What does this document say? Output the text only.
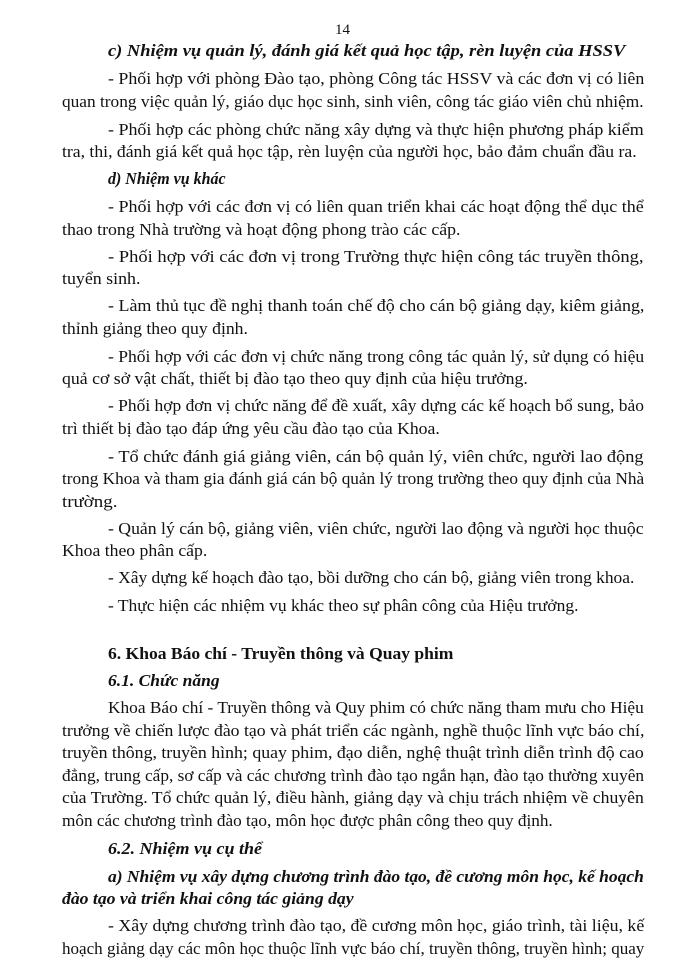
14
c) Nhiệm vụ quản lý, đánh giá kết quả học tập, rèn luyện của HSSV
- Phối hợp với phòng Đào tạo, phòng Công tác HSSV và các đơn vị có liên
quan trong việc quản lý, giáo dục học sinh, sinh viên, công tác giáo viên chủ nhiệm.
- Phối hợp các phòng chức năng xây dựng và thực hiện phương pháp kiểm
tra, thi, đánh giá kết quả học tập, rèn luyện của người học, bảo đảm chuẩn đầu ra.
d) Nhiệm vụ khác
- Phối hợp với các đơn vị có liên quan triển khai các hoạt động thể dục thể
thao trong Nhà trường và hoạt động phong trào các cấp.
- Phối hợp với các đơn vị trong Trường thực hiện công tác truyền thông,
tuyển sinh.
- Làm thủ tục đề nghị thanh toán chế độ cho cán bộ giảng dạy, kiêm giảng,
thỉnh giảng theo quy định.
- Phối hợp với các đơn vị chức năng trong công tác quản lý, sử dụng có hiệu
quả cơ sở vật chất, thiết bị đào tạo theo quy định của hiệu trưởng.
- Phối hợp đơn vị chức năng để đề xuất, xây dựng các kế hoạch bổ sung, bảo
trì thiết bị đào tạo đáp ứng yêu cầu đào tạo của Khoa.
- Tổ chức đánh giá giảng viên, cán bộ quản lý, viên chức, người lao động
trong Khoa và tham gia đánh giá cán bộ quản lý trong trường theo quy định của Nhà
trường.
- Quản lý cán bộ, giảng viên, viên chức, người lao động và người học thuộc
Khoa theo phân cấp.
- Xây dựng kế hoạch đào tạo, bồi dưỡng cho cán bộ, giảng viên trong khoa.
- Thực hiện các nhiệm vụ khác theo sự phân công của Hiệu trưởng.
6. Khoa Báo chí - Truyền thông và Quay phim
6.1. Chức năng
Khoa Báo chí - Truyền thông và Quy phim có chức năng tham mưu cho Hiệu
trưởng về chiến lược đào tạo và phát triển các ngành, nghề thuộc lĩnh vực báo chí,
truyền thông, truyền hình; quay phim, đạo diễn, nghệ thuật trình diễn trình độ cao
đẳng, trung cấp, sơ cấp và các chương trình đào tạo ngắn hạn, đào tạo thường xuyên
của Trường. Tổ chức quản lý, điều hành, giảng dạy và chịu trách nhiệm về chuyên
môn các chương trình đào tạo, môn học được phân công theo quy định.
6.2. Nhiệm vụ cụ thể
a) Nhiệm vụ xây dựng chương trình đào tạo, đề cương môn học, kế hoạch
đào tạo và triển khai công tác giảng dạy
- Xây dựng chương trình đào tạo, đề cương môn học, giáo trình, tài liệu, kế
hoạch giảng dạy các môn học thuộc lĩnh vực báo chí, truyền thông, truyền hình; quay
